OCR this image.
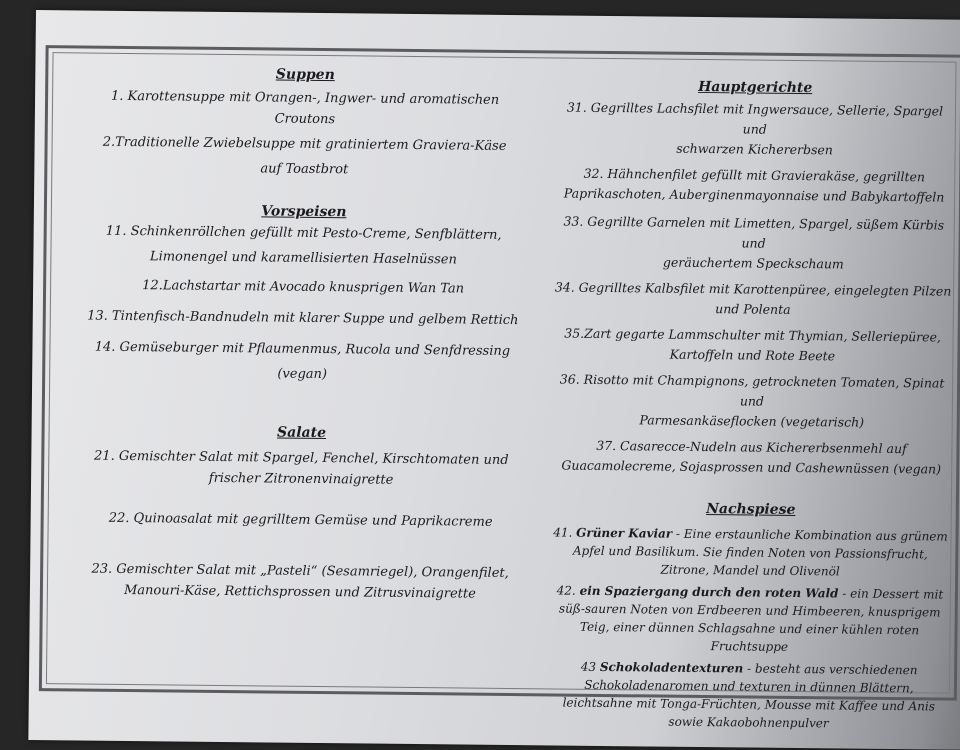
Suppen

1. Karottensuppe mit Orangen-, Ingwer- und aromatischen Croutons

2.Traditionelle Zwiebelsuppe mit gratiniertem Graviera-Käse

auf Toastbrot

Vorspeisen

11. Schinkenröllchen gefüllt mit Pesto-Creme, Senfblättern,

Limonengel und karamellisierten Haselnüssen

12.Lachstartar mit Avocado knusprigen Wan Tan

13. Tintenfisch-Bandnudeln mit klarer Suppe und gelbem Rettich

14. Gemüseburger mit Pflaumenmus, Rucola und Senfdressing

(vegan)

Salate

21. Gemischter Salat mit Spargel, Fenchel, Kirschtomaten und

frischer Zitronenvinaigrette

22. Quinoasalat mit gegrilltem Gemüse und Paprikacreme

23. Gemischter Salat mit „Pasteli“ (Sesamriegel), Orangenfilet,

Manouri-Käse, Rettichsprossen und Zitrusvinaigrette

Hauptgerichte

31. Gegrilltes Lachsfilet mit Ingwersauce, Sellerie, Spargel und

schwarzen Kichererbsen

32. Hähnchenfilet gefüllt mit Gravierakäse, gegrillten

Paprikaschoten, Auberginenmayonnaise und Babykartoffeln

33. Gegrillte Garnelen mit Limetten, Spargel, süßem Kürbis und

geräuchertem Speckschaum

34. Gegrilltes Kalbsfilet mit Karottenpüree, eingelegten Pilzen

und Polenta

35.Zart gegarte Lammschulter mit Thymian, Selleriepüree,

Kartoffeln und Rote Beete

36. Risotto mit Champignons, getrockneten Tomaten, Spinat und

Parmesankäseflocken (vegetarisch)

37. Casarecce-Nudeln aus Kichererbsenmehl auf

Guacamolecreme, Sojasprossen und Cashewnüssen (vegan)

Nachspiese

41. Grüner Kaviar - Eine erstaunliche Kombination aus grünem Apfel und Basilikum. Sie finden Noten von Passionsfrucht, Zitrone, Mandel und Olivenöl

42. ein Spaziergang durch den roten Wald - ein Dessert mit süß-sauren Noten von Erdbeeren und Himbeeren, knusprigem Teig, einer dünnen Schlagsahne und einer kühlen roten Fruchtsuppe

43 Schokoladentexturen - besteht aus verschiedenen Schokoladenaromen und texturen in dünnen Blättern, leichtsahne mit Tonga-Früchten, Mousse mit Kaffee und Anis sowie Kakaobohnenpulver
